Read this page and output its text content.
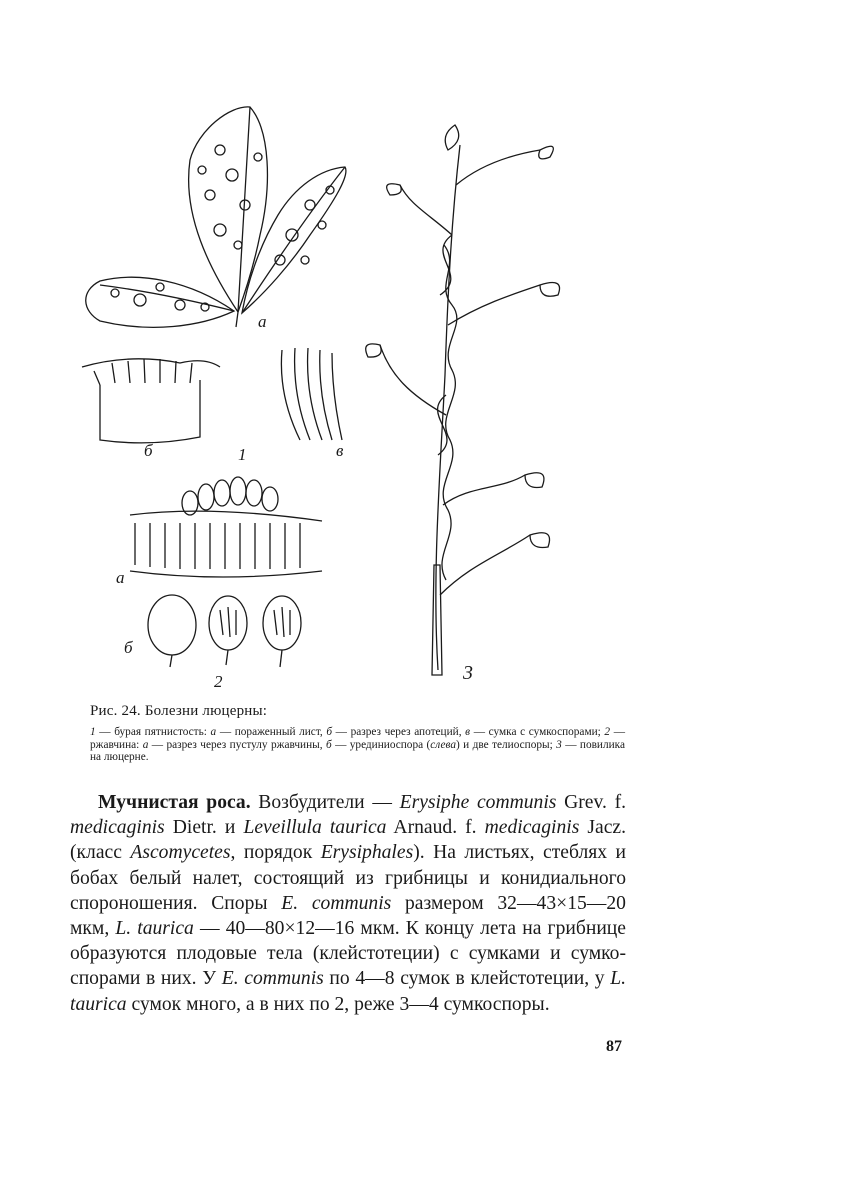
а
б	1	в
а
б
2	3
Рис. 24. Болезни люцерны:
1 — бурая пятнистость: а — пораженный лист, б — разрез через апотеций, в — сумка с сумкоспорами; 2 — ржавчина: а — разрез через пустулу ржавчины, б — урединиоспора (слева) и две телиоспоры; 3 — повилика на люцерне.

Мучнистая роса. Возбудители — Erysiphe communis Grev. f. medicaginis Dietr. и Leveillula taurica Arnaud. f. medicaginis Jacz. (класс Ascomycetes, порядок Erysiphales). На листьях, стеблях и бобах белый налет, состоящий из грибницы и конидиального спороношения. Споры E. communis размером 32—43×15—20 мкм, L. taurica — 40—80×12—16 мкм. К концу лета на грибнице образуются плодовые тела (клейстотеции) с сумками и сумкоспорами в них. У E. communis по 4—8 сумок в клейстотеции, у L. taurica сумок много, а в них по 2, реже 3—4 сумкоспоры.

87
